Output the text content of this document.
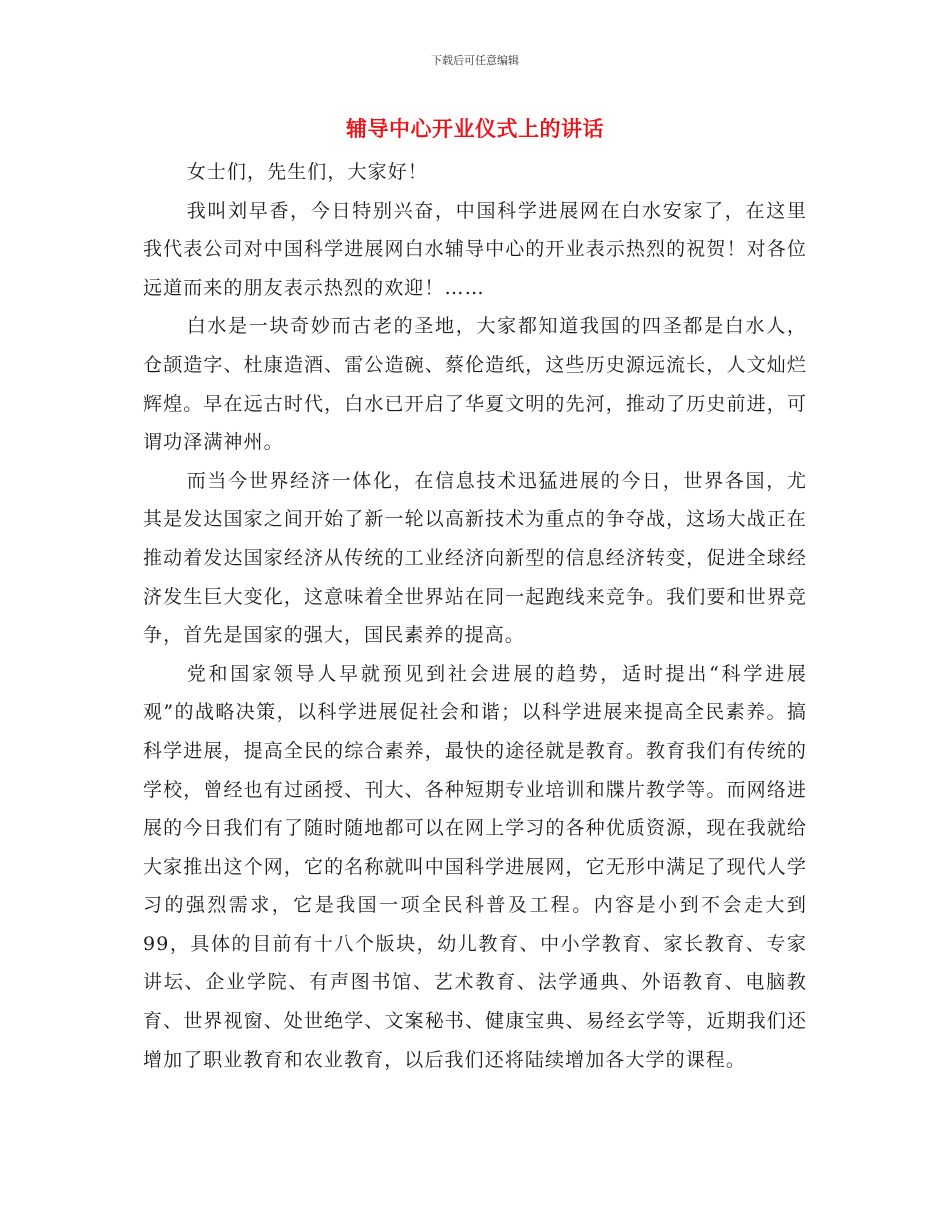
下载后可任意编辑
辅导中心开业仪式上的讲话

女士们，先生们，大家好！

我叫刘早香，今日特别兴奋，中国科学进展网在白水安家了，在这里我代表公司对中国科学进展网白水辅导中心的开业表示热烈的祝贺！对各位远道而来的朋友表示热烈的欢迎！……

白水是一块奇妙而古老的圣地，大家都知道我国的四圣都是白水人，仓颉造字、杜康造酒、雷公造碗、蔡伦造纸，这些历史源远流长，人文灿烂辉煌。早在远古时代，白水已开启了华夏文明的先河，推动了历史前进，可谓功泽满神州。

而当今世界经济一体化，在信息技术迅猛进展的今日，世界各国，尤其是发达国家之间开始了新一轮以高新技术为重点的争夺战，这场大战正在推动着发达国家经济从传统的工业经济向新型的信息经济转变，促进全球经济发生巨大变化，这意味着全世界站在同一起跑线来竞争。我们要和世界竞争，首先是国家的强大，国民素养的提高。

党和国家领导人早就预见到社会进展的趋势，适时提出“科学进展观”的战略决策，以科学进展促社会和谐；以科学进展来提高全民素养。搞科学进展，提高全民的综合素养，最快的途径就是教育。教育我们有传统的学校，曾经也有过函授、刊大、各种短期专业培训和牒片教学等。而网络进展的今日我们有了随时随地都可以在网上学习的各种优质资源，现在我就给大家推出这个网，它的名称就叫中国科学进展网，它无形中满足了现代人学习的强烈需求，它是我国一项全民科普及工程。内容是小到不会走大到99，具体的目前有十八个版块，幼儿教育、中小学教育、家长教育、专家讲坛、企业学院、有声图书馆、艺术教育、法学通典、外语教育、电脑教育、世界视窗、处世绝学、文案秘书、健康宝典、易经玄学等，近期我们还增加了职业教育和农业教育，以后我们还将陆续增加各大学的课程。
